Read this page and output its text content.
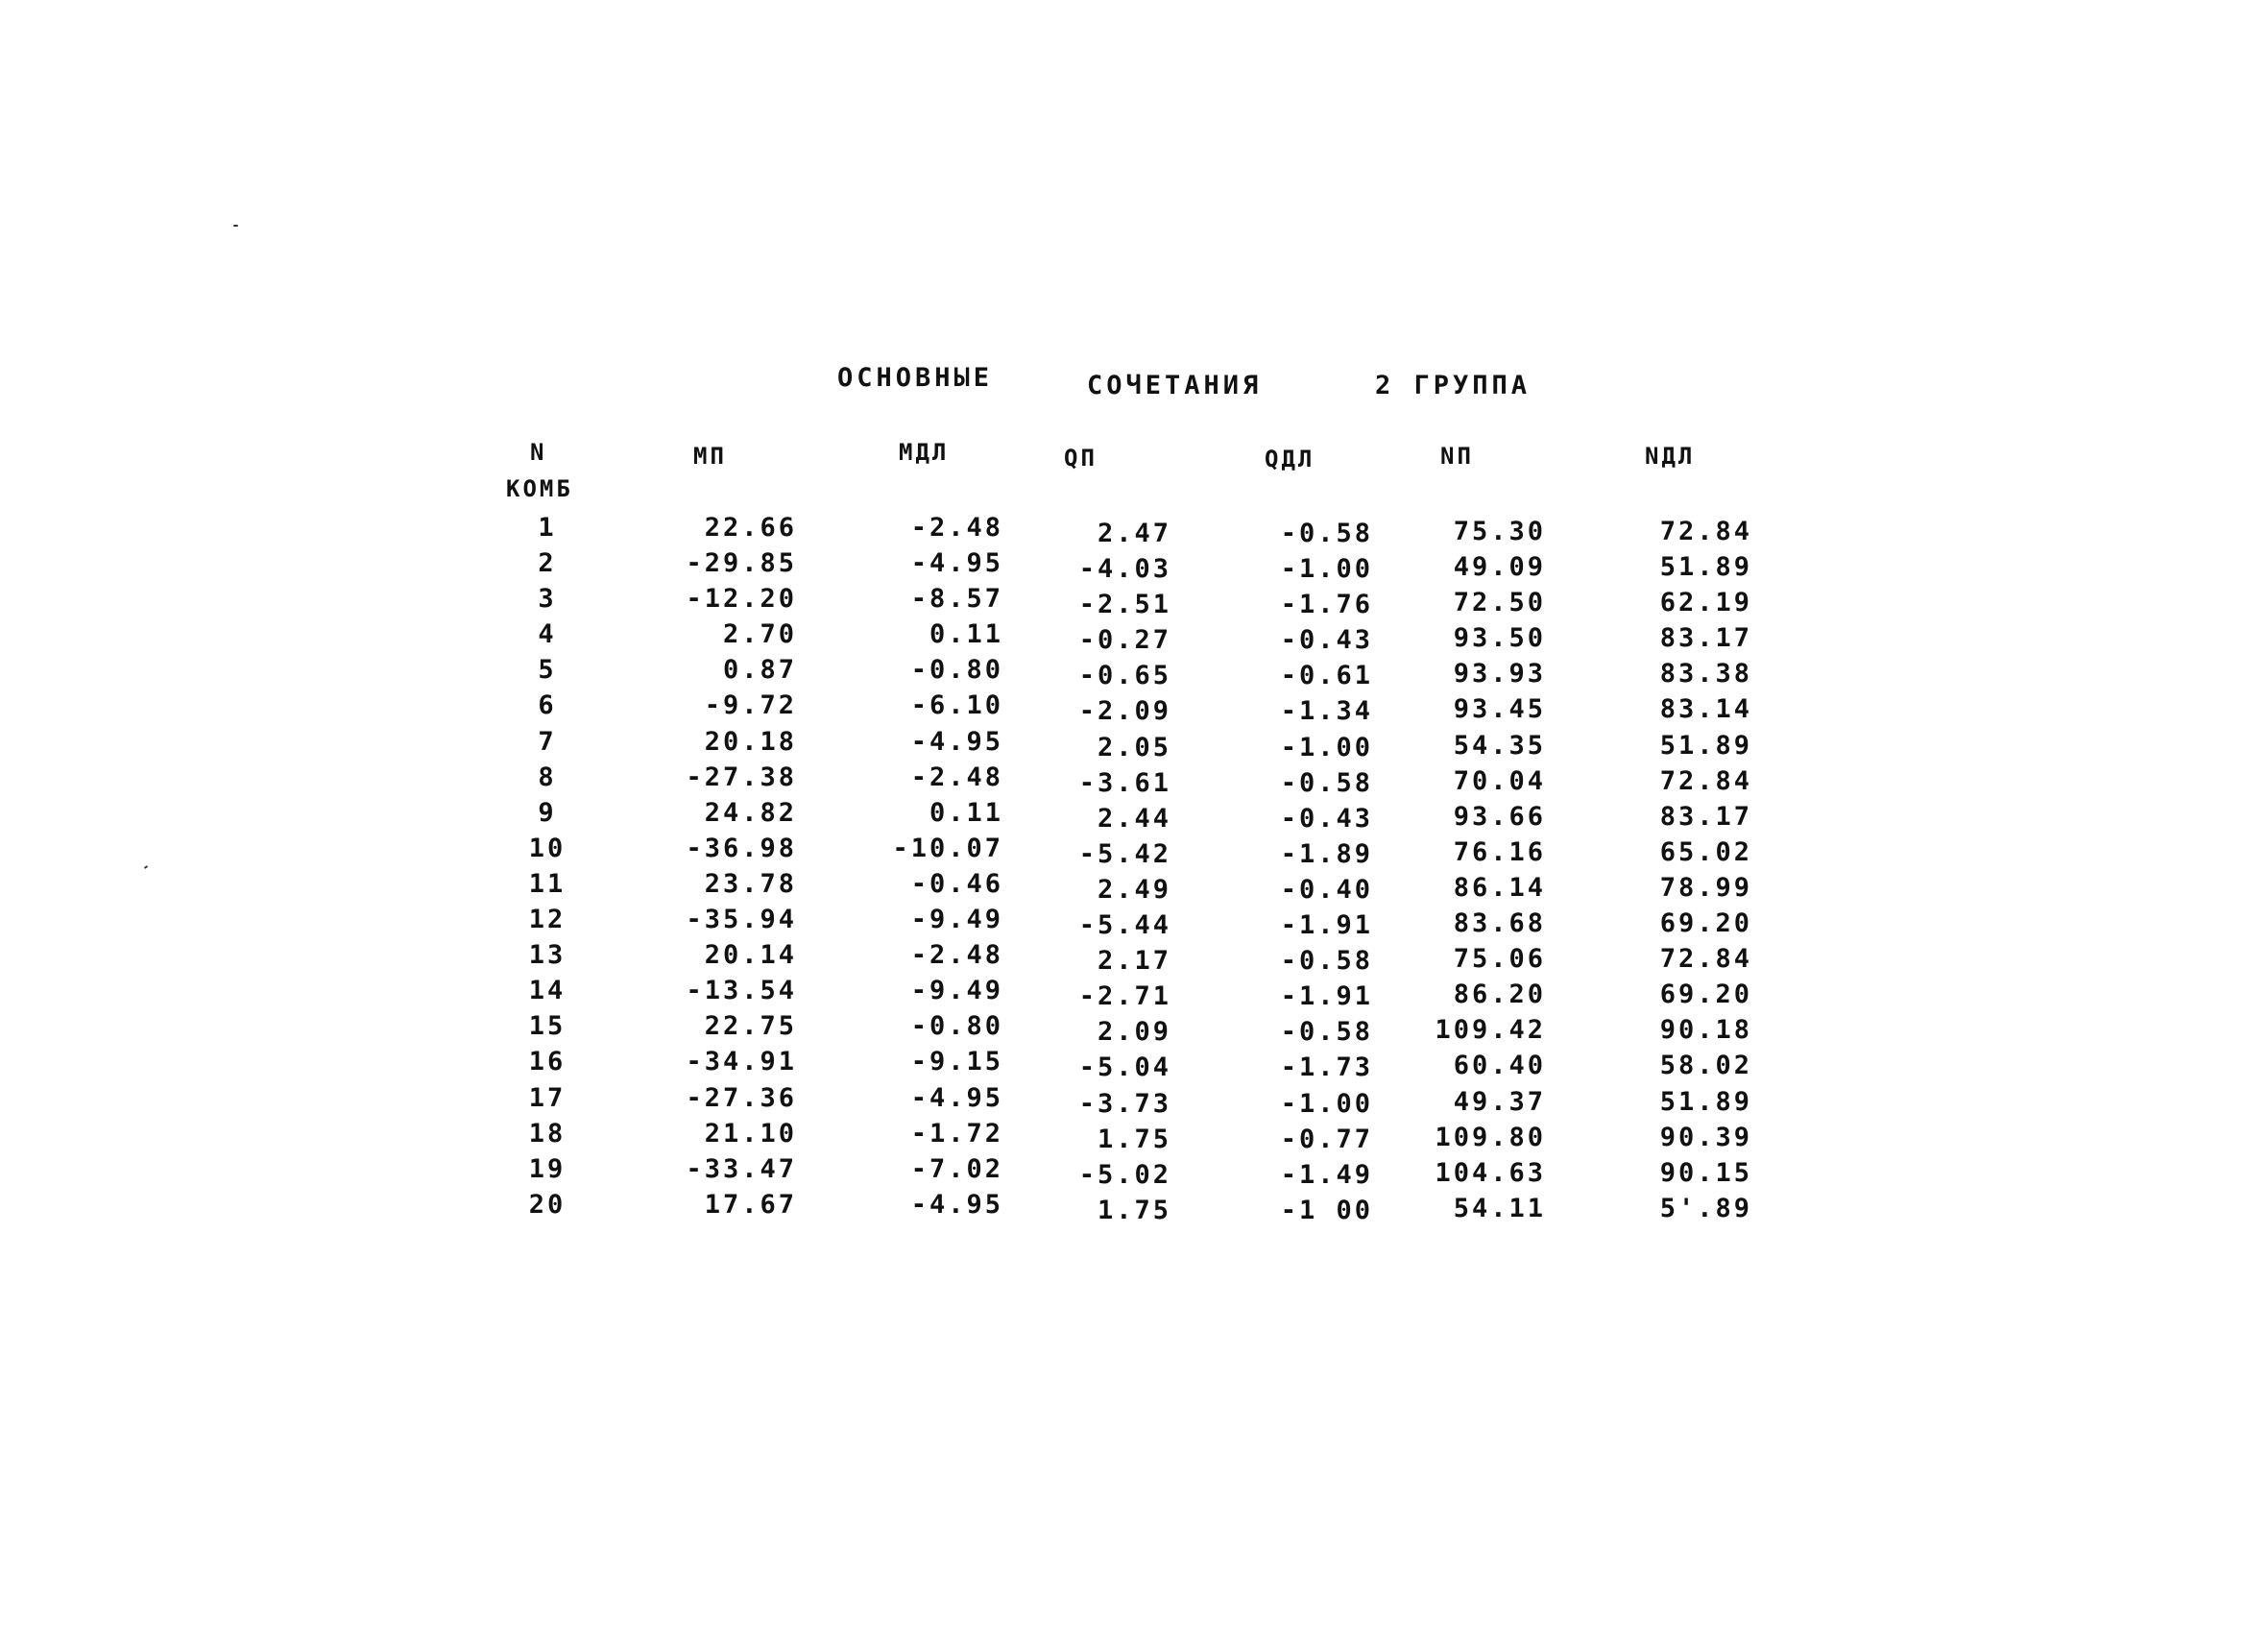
ОСНОВНЫЕ	СОЧЕТАНИЯ	2 ГРУППА
N
КОМБ
МП	МДЛ	QП	QДЛ	NП	NДЛ
1	22.66	-2.48	2.47	-0.58	75.30	72.84
2	-29.85	-4.95	-4.03	-1.00	49.09	51.89
3	-12.20	-8.57	-2.51	-1.76	72.50	62.19
4	2.70	0.11	-0.27	-0.43	93.50	83.17
5	0.87	-0.80	-0.65	-0.61	93.93	83.38
6	-9.72	-6.10	-2.09	-1.34	93.45	83.14
7	20.18	-4.95	2.05	-1.00	54.35	51.89
8	-27.38	-2.48	-3.61	-0.58	70.04	72.84
9	24.82	0.11	2.44	-0.43	93.66	83.17
10	-36.98	-10.07	-5.42	-1.89	76.16	65.02
11	23.78	-0.46	2.49	-0.40	86.14	78.99
12	-35.94	-9.49	-5.44	-1.91	83.68	69.20
13	20.14	-2.48	2.17	-0.58	75.06	72.84
14	-13.54	-9.49	-2.71	-1.91	86.20	69.20
15	22.75	-0.80	2.09	-0.58	109.42	90.18
16	-34.91	-9.15	-5.04	-1.73	60.40	58.02
17	-27.36	-4.95	-3.73	-1.00	49.37	51.89
18	21.10	-1.72	1.75	-0.77	109.80	90.39
19	-33.47	-7.02	-5.02	-1.49	104.63	90.15
20	17.67	-4.95	1.75	-1 00	54.11	5'.89
